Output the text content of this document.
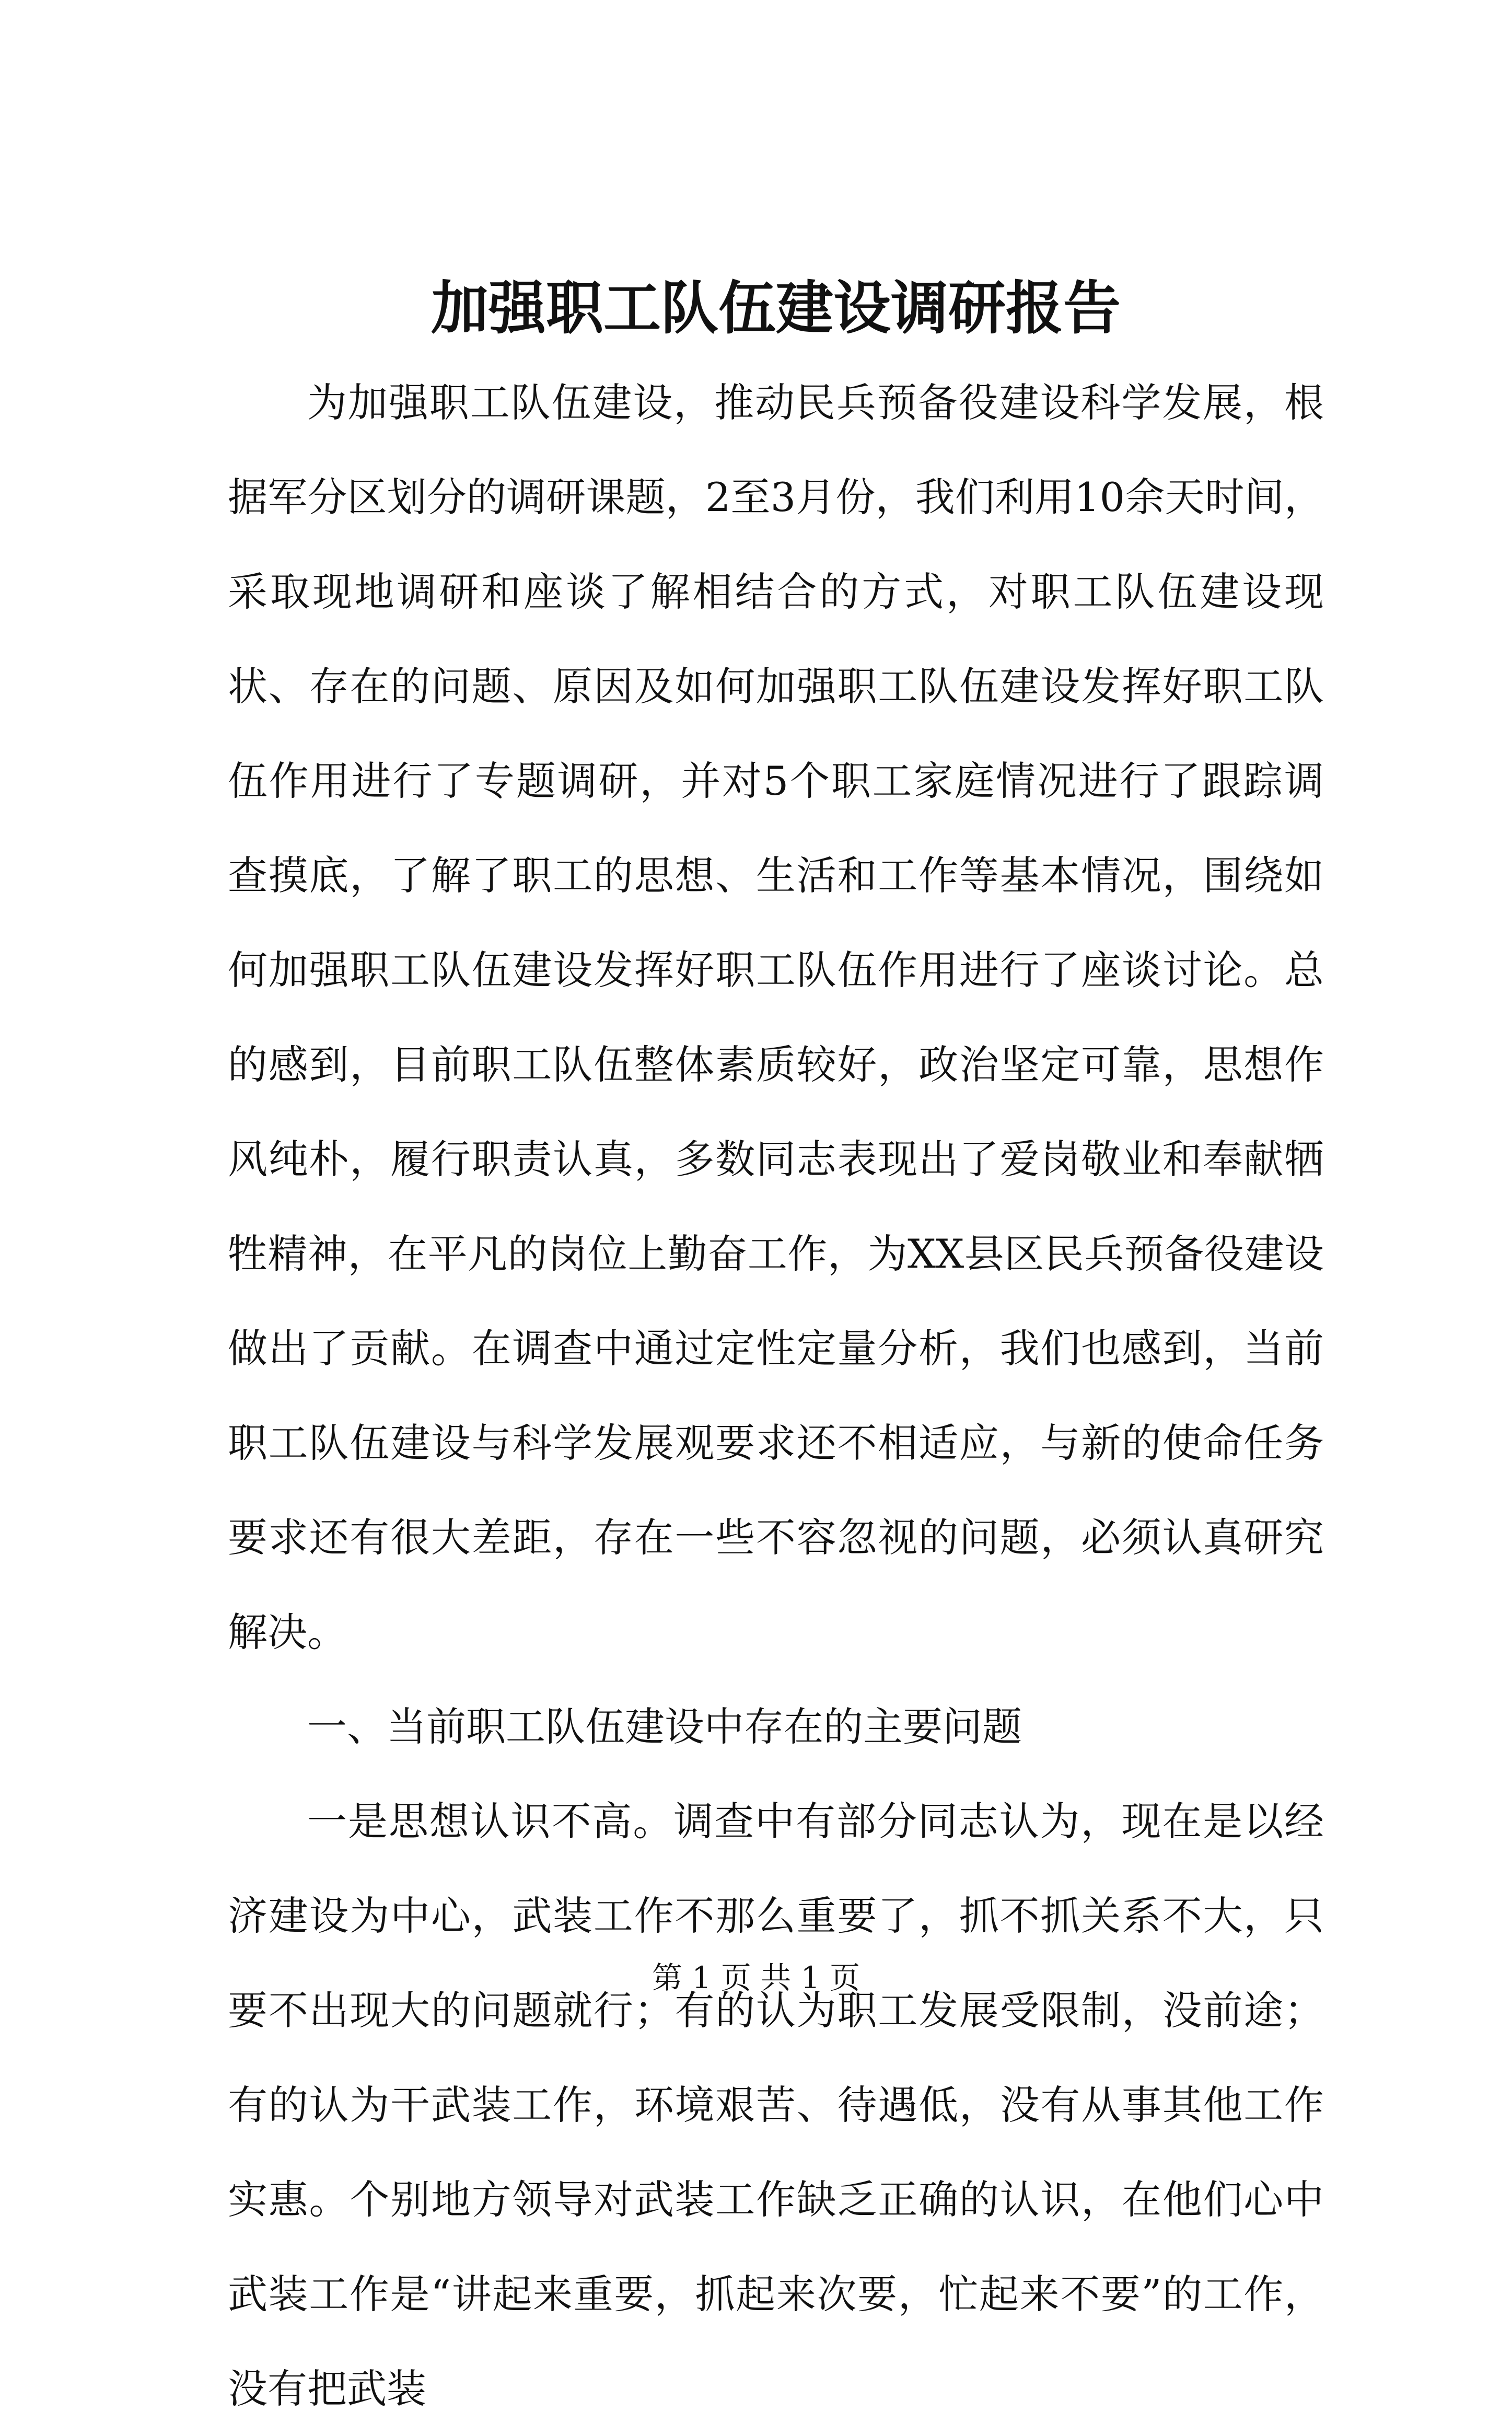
加强职工队伍建设调研报告

为加强职工队伍建设，推动民兵预备役建设科学发展，根据军分区划分的调研课题，2至3月份，我们利用10余天时间，采取现地调研和座谈了解相结合的方式，对职工队伍建设现状、存在的问题、原因及如何加强职工队伍建设发挥好职工队伍作用进行了专题调研，并对5个职工家庭情况进行了跟踪调查摸底，了解了职工的思想、生活和工作等基本情况，围绕如何加强职工队伍建设发挥好职工队伍作用进行了座谈讨论。总的感到，目前职工队伍整体素质较好，政治坚定可靠，思想作风纯朴，履行职责认真，多数同志表现出了爱岗敬业和奉献牺牲精神，在平凡的岗位上勤奋工作，为XX县区民兵预备役建设做出了贡献。在调查中通过定性定量分析，我们也感到，当前职工队伍建设与科学发展观要求还不相适应，与新的使命任务要求还有很大差距，存在一些不容忽视的问题，必须认真研究解决。

一、当前职工队伍建设中存在的主要问题

一是思想认识不高。调查中有部分同志认为，现在是以经济建设为中心，武装工作不那么重要了，抓不抓关系不大，只要不出现大的问题就行；有的认为职工发展受限制，没前途；有的认为干武装工作，环境艰苦、待遇低，没有从事其他工作实惠。个别地方领导对武装工作缺乏正确的认识，在他们心中武装工作是“讲起来重要，抓起来次要，忙起来不要”的工作，没有把武装

第 1 页 共 1 页
